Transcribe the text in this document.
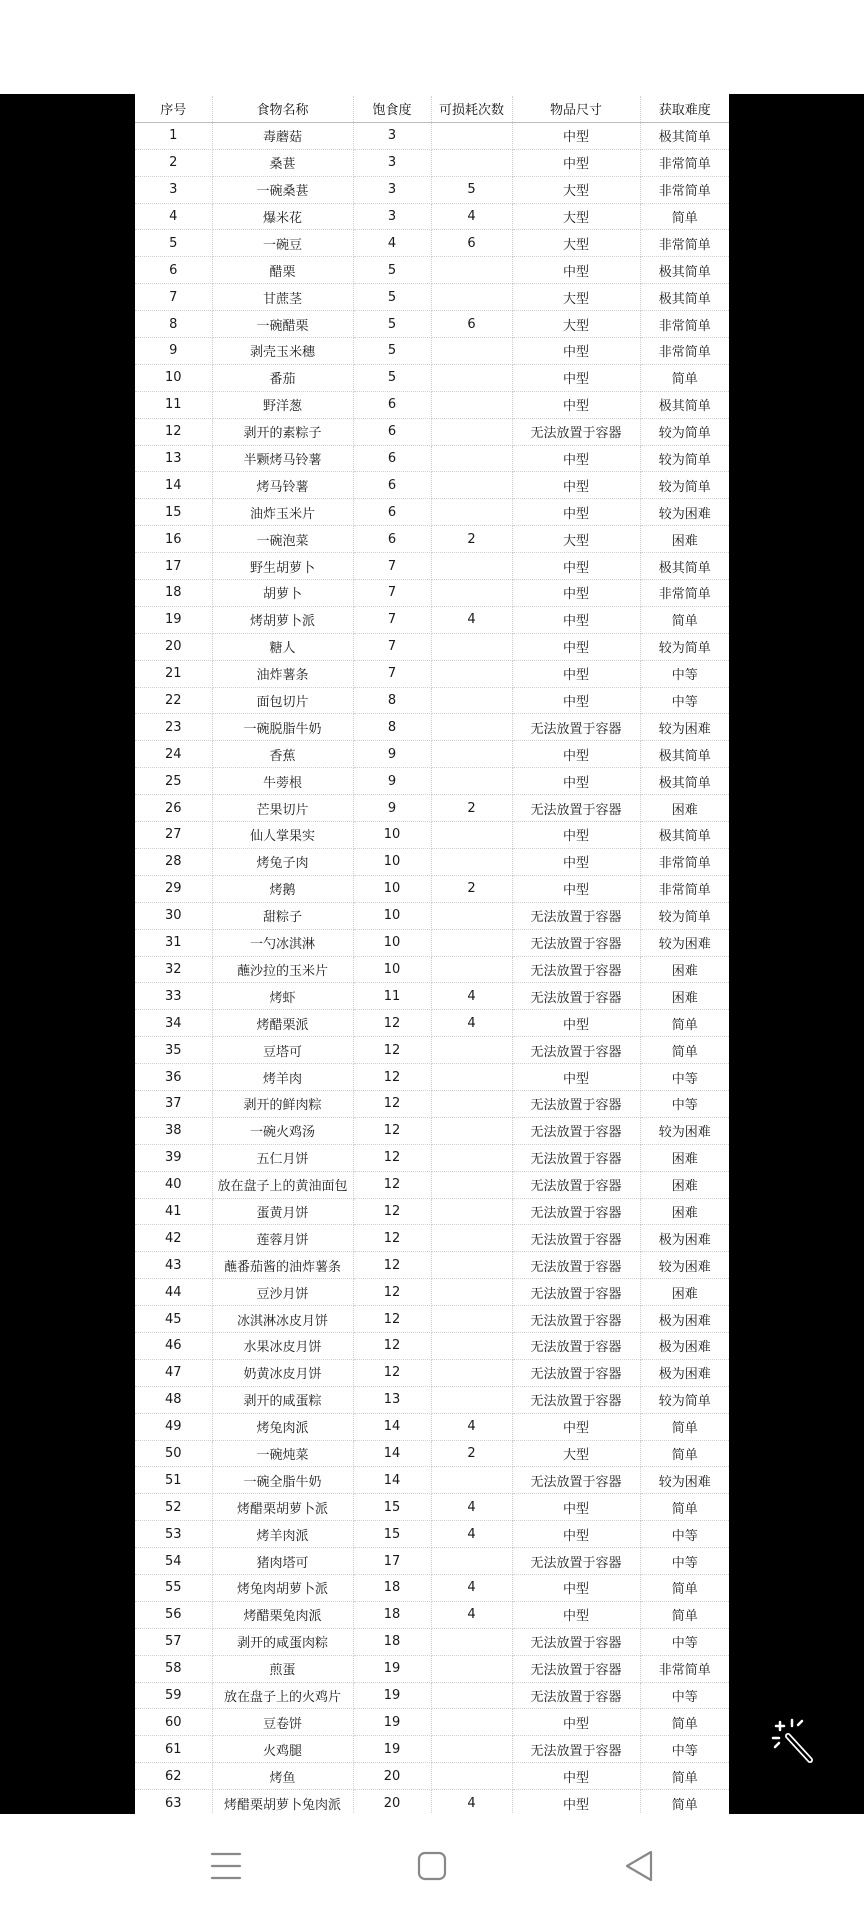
序号	食物名称	饱食度	可损耗次数	物品尺寸	获取难度
1	毒蘑菇	3		中型	极其简单
2	桑葚	3		中型	非常简单
3	一碗桑葚	3	5	大型	非常简单
4	爆米花	3	4	大型	简单
5	一碗豆	4	6	大型	非常简单
6	醋栗	5		中型	极其简单
7	甘蔗茎	5		大型	极其简单
8	一碗醋栗	5	6	大型	非常简单
9	剥壳玉米穗	5		中型	非常简单
10	番茄	5		中型	简单
11	野洋葱	6		中型	极其简单
12	剥开的素粽子	6		无法放置于容器	较为简单
13	半颗烤马铃薯	6		中型	较为简单
14	烤马铃薯	6		中型	较为简单
15	油炸玉米片	6		中型	较为困难
16	一碗泡菜	6	2	大型	困难
17	野生胡萝卜	7		中型	极其简单
18	胡萝卜	7		中型	非常简单
19	烤胡萝卜派	7	4	中型	简单
20	糖人	7		中型	较为简单
21	油炸薯条	7		中型	中等
22	面包切片	8		中型	中等
23	一碗脱脂牛奶	8		无法放置于容器	较为困难
24	香蕉	9		中型	极其简单
25	牛蒡根	9		中型	极其简单
26	芒果切片	9	2	无法放置于容器	困难
27	仙人掌果实	10		中型	极其简单
28	烤兔子肉	10		中型	非常简单
29	烤鹅	10	2	中型	非常简单
30	甜粽子	10		无法放置于容器	较为简单
31	一勺冰淇淋	10		无法放置于容器	较为困难
32	蘸沙拉的玉米片	10		无法放置于容器	困难
33	烤虾	11	4	无法放置于容器	困难
34	烤醋栗派	12	4	中型	简单
35	豆塔可	12		无法放置于容器	简单
36	烤羊肉	12		中型	中等
37	剥开的鲜肉粽	12		无法放置于容器	中等
38	一碗火鸡汤	12		无法放置于容器	较为困难
39	五仁月饼	12		无法放置于容器	困难
40	放在盘子上的黄油面包	12		无法放置于容器	困难
41	蛋黄月饼	12		无法放置于容器	困难
42	莲蓉月饼	12		无法放置于容器	极为困难
43	蘸番茄酱的油炸薯条	12		无法放置于容器	较为困难
44	豆沙月饼	12		无法放置于容器	困难
45	冰淇淋冰皮月饼	12		无法放置于容器	极为困难
46	水果冰皮月饼	12		无法放置于容器	极为困难
47	奶黄冰皮月饼	12		无法放置于容器	极为困难
48	剥开的咸蛋粽	13		无法放置于容器	较为简单
49	烤兔肉派	14	4	中型	简单
50	一碗炖菜	14	2	大型	简单
51	一碗全脂牛奶	14		无法放置于容器	较为困难
52	烤醋栗胡萝卜派	15	4	中型	简单
53	烤羊肉派	15	4	中型	中等
54	猪肉塔可	17		无法放置于容器	中等
55	烤兔肉胡萝卜派	18	4	中型	简单
56	烤醋栗兔肉派	18	4	中型	简单
57	剥开的咸蛋肉粽	18		无法放置于容器	中等
58	煎蛋	19		无法放置于容器	非常简单
59	放在盘子上的火鸡片	19		无法放置于容器	中等
60	豆卷饼	19		中型	简单
61	火鸡腿	19		无法放置于容器	中等
62	烤鱼	20		中型	简单
63	烤醋栗胡萝卜兔肉派	20	4	中型	简单
